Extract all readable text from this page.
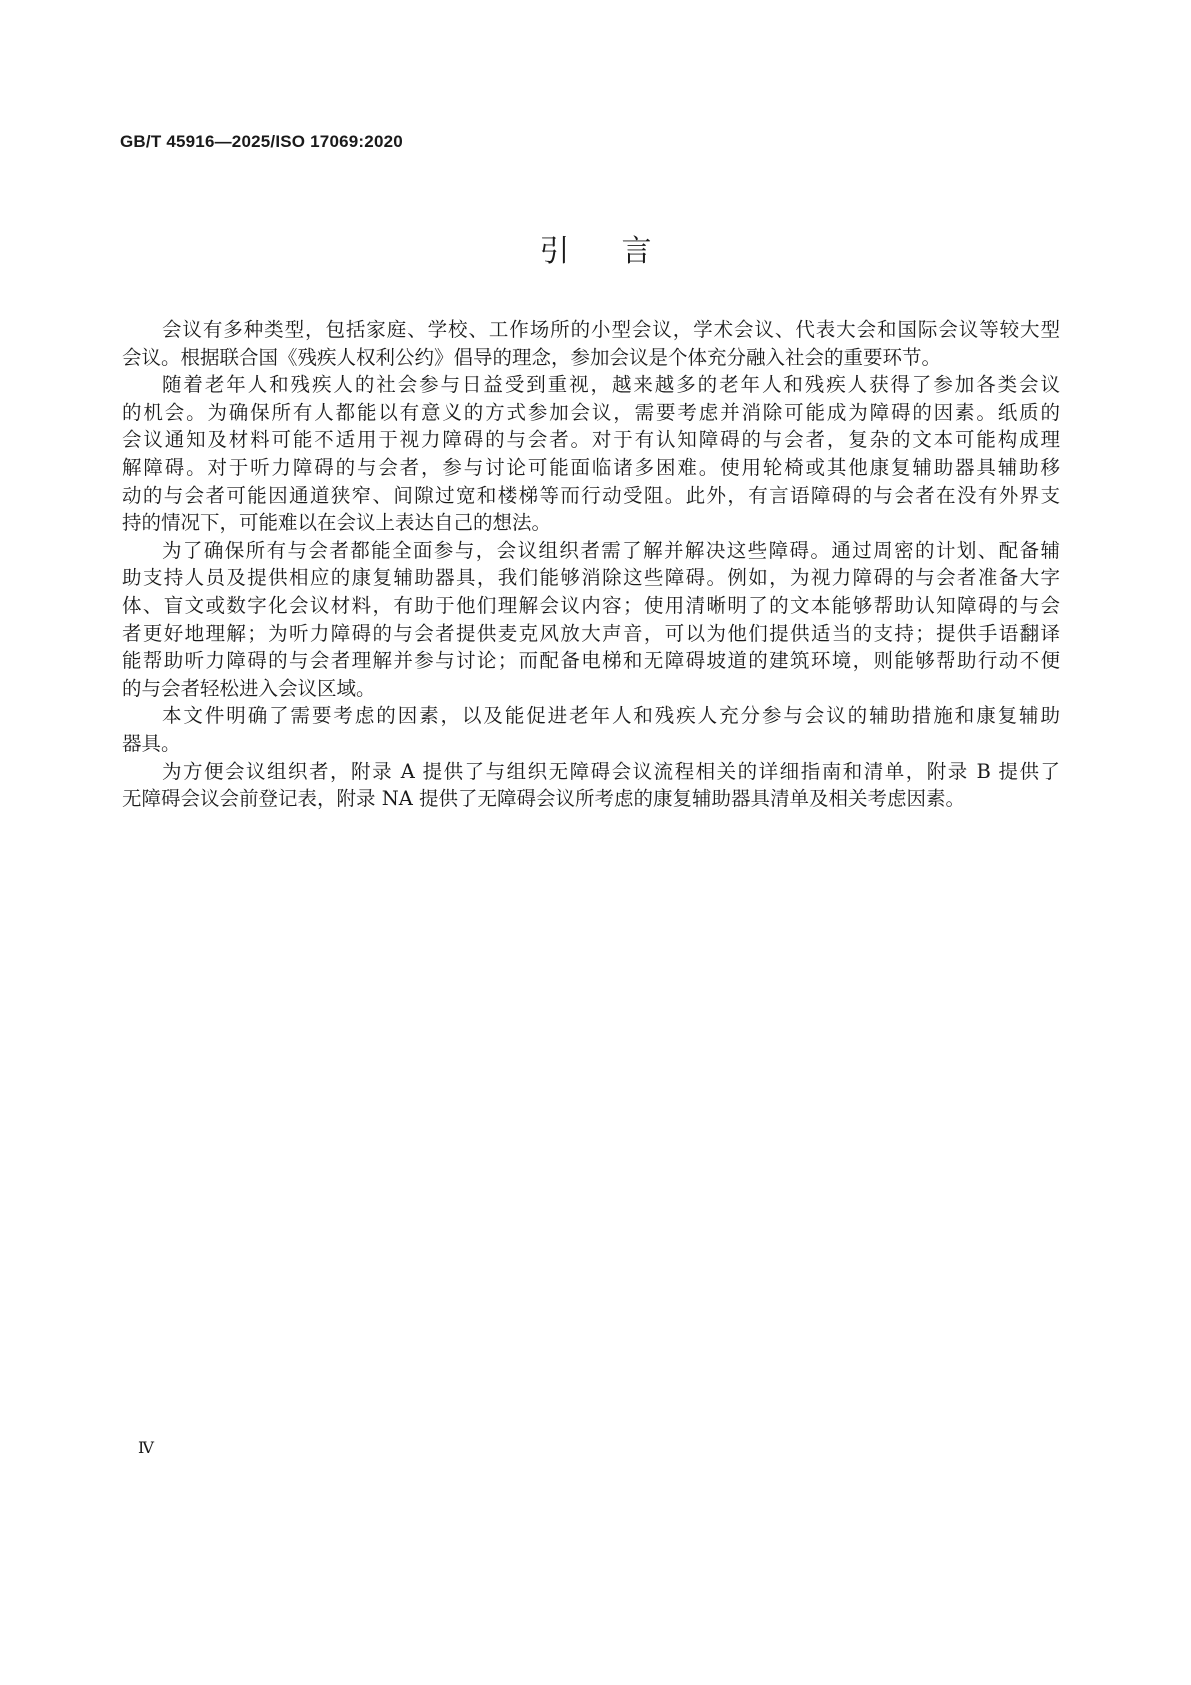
GB/T 45916—2025/ISO 17069:2020
引言
会议有多种类型，包括家庭、学校、工作场所的小型会议，学术会议、代表大会和国际会议等较大型
会议。根据联合国《残疾人权利公约》倡导的理念，参加会议是个体充分融入社会的重要环节。
随着老年人和残疾人的社会参与日益受到重视，越来越多的老年人和残疾人获得了参加各类会议
的机会。为确保所有人都能以有意义的方式参加会议，需要考虑并消除可能成为障碍的因素。纸质的
会议通知及材料可能不适用于视力障碍的与会者。对于有认知障碍的与会者，复杂的文本可能构成理
解障碍。对于听力障碍的与会者，参与讨论可能面临诸多困难。使用轮椅或其他康复辅助器具辅助移
动的与会者可能因通道狭窄、间隙过宽和楼梯等而行动受阻。此外，有言语障碍的与会者在没有外界支
持的情况下，可能难以在会议上表达自己的想法。
为了确保所有与会者都能全面参与，会议组织者需了解并解决这些障碍。通过周密的计划、配备辅
助支持人员及提供相应的康复辅助器具，我们能够消除这些障碍。例如，为视力障碍的与会者准备大字
体、盲文或数字化会议材料，有助于他们理解会议内容；使用清晰明了的文本能够帮助认知障碍的与会
者更好地理解；为听力障碍的与会者提供麦克风放大声音，可以为他们提供适当的支持；提供手语翻译
能帮助听力障碍的与会者理解并参与讨论；而配备电梯和无障碍坡道的建筑环境，则能够帮助行动不便
的与会者轻松进入会议区域。
本文件明确了需要考虑的因素，以及能促进老年人和残疾人充分参与会议的辅助措施和康复辅助
器具。
为方便会议组织者，附录 A 提供了与组织无障碍会议流程相关的详细指南和清单，附录 B 提供了
无障碍会议会前登记表，附录 NA 提供了无障碍会议所考虑的康复辅助器具清单及相关考虑因素。
Ⅳ
